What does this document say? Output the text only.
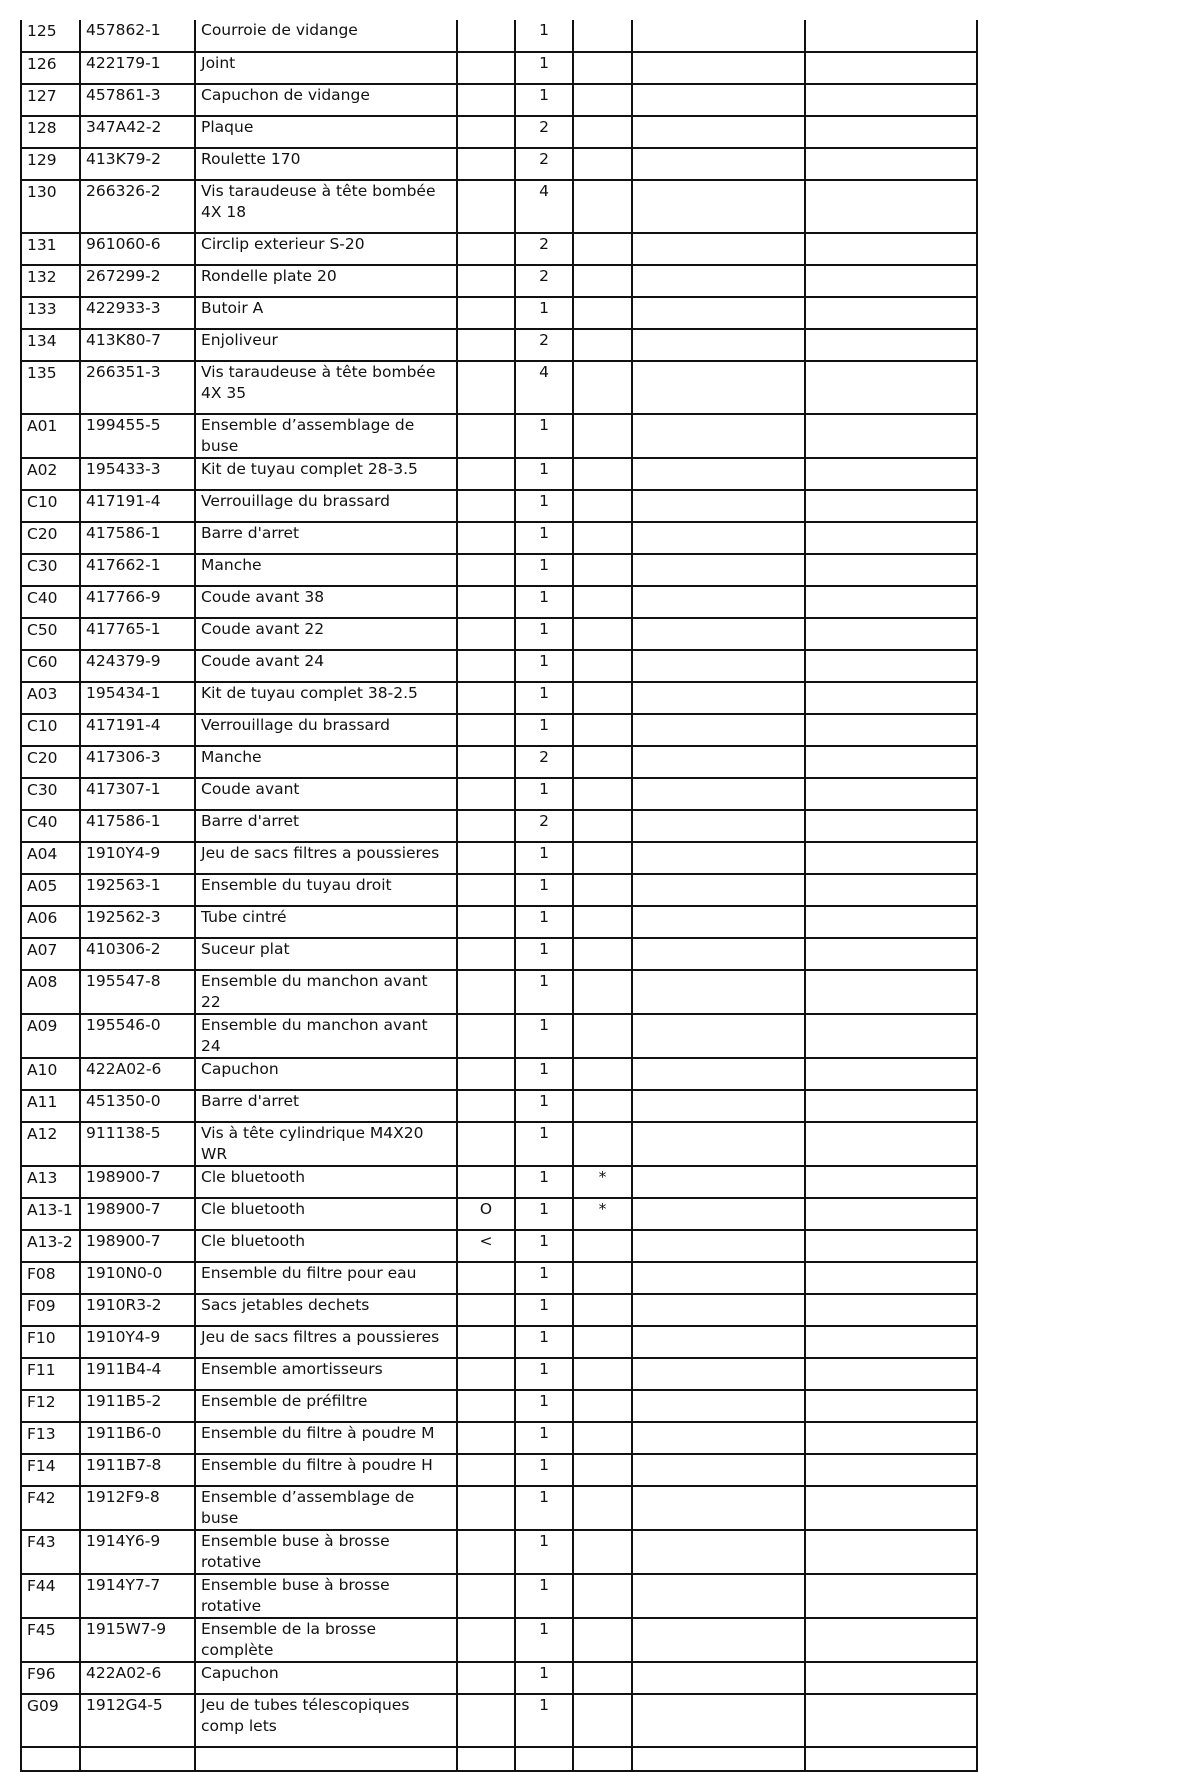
125	457862-1	Courroie de vidange		1			
126	422179-1	Joint		1			
127	457861-3	Capuchon de vidange		1			
128	347A42-2	Plaque		2			
129	413K79-2	Roulette 170		2			
130	266326-2	Vis taraudeuse à tête bombée 4X 18		4			
131	961060-6	Circlip exterieur S-20		2			
132	267299-2	Rondelle plate 20		2			
133	422933-3	Butoir A		1			
134	413K80-7	Enjoliveur		2			
135	266351-3	Vis taraudeuse à tête bombée 4X 35		4			
A01	199455-5	Ensemble d’assemblage de buse		1			
A02	195433-3	Kit de tuyau complet 28-3.5		1			
C10	417191-4	Verrouillage du brassard		1			
C20	417586-1	Barre d'arret		1			
C30	417662-1	Manche		1			
C40	417766-9	Coude avant 38		1			
C50	417765-1	Coude avant 22		1			
C60	424379-9	Coude avant 24		1			
A03	195434-1	Kit de tuyau complet 38-2.5		1			
C10	417191-4	Verrouillage du brassard		1			
C20	417306-3	Manche		2			
C30	417307-1	Coude avant		1			
C40	417586-1	Barre d'arret		2			
A04	1910Y4-9	Jeu de sacs filtres a poussieres		1			
A05	192563-1	Ensemble du tuyau droit		1			
A06	192562-3	Tube cintré		1			
A07	410306-2	Suceur plat		1			
A08	195547-8	Ensemble du manchon avant 22		1			
A09	195546-0	Ensemble du manchon avant 24		1			
A10	422A02-6	Capuchon		1			
A11	451350-0	Barre d'arret		1			
A12	911138-5	Vis à tête cylindrique M4X20 WR		1			
A13	198900-7	Cle bluetooth		1	*		
A13-1	198900-7	Cle bluetooth	O	1	*		
A13-2	198900-7	Cle bluetooth	<	1			
F08	1910N0-0	Ensemble du filtre pour eau		1			
F09	1910R3-2	Sacs jetables dechets		1			
F10	1910Y4-9	Jeu de sacs filtres a poussieres		1			
F11	1911B4-4	Ensemble amortisseurs		1			
F12	1911B5-2	Ensemble de préfiltre		1			
F13	1911B6-0	Ensemble du filtre à poudre M		1			
F14	1911B7-8	Ensemble du filtre à poudre H		1			
F42	1912F9-8	Ensemble d’assemblage de buse		1			
F43	1914Y6-9	Ensemble buse à brosse rotative		1			
F44	1914Y7-7	Ensemble buse à brosse rotative		1			
F45	1915W7-9	Ensemble de la brosse complète		1			
F96	422A02-6	Capuchon		1			
G09	1912G4-5	Jeu de tubes télescopiques comp lets		1			
